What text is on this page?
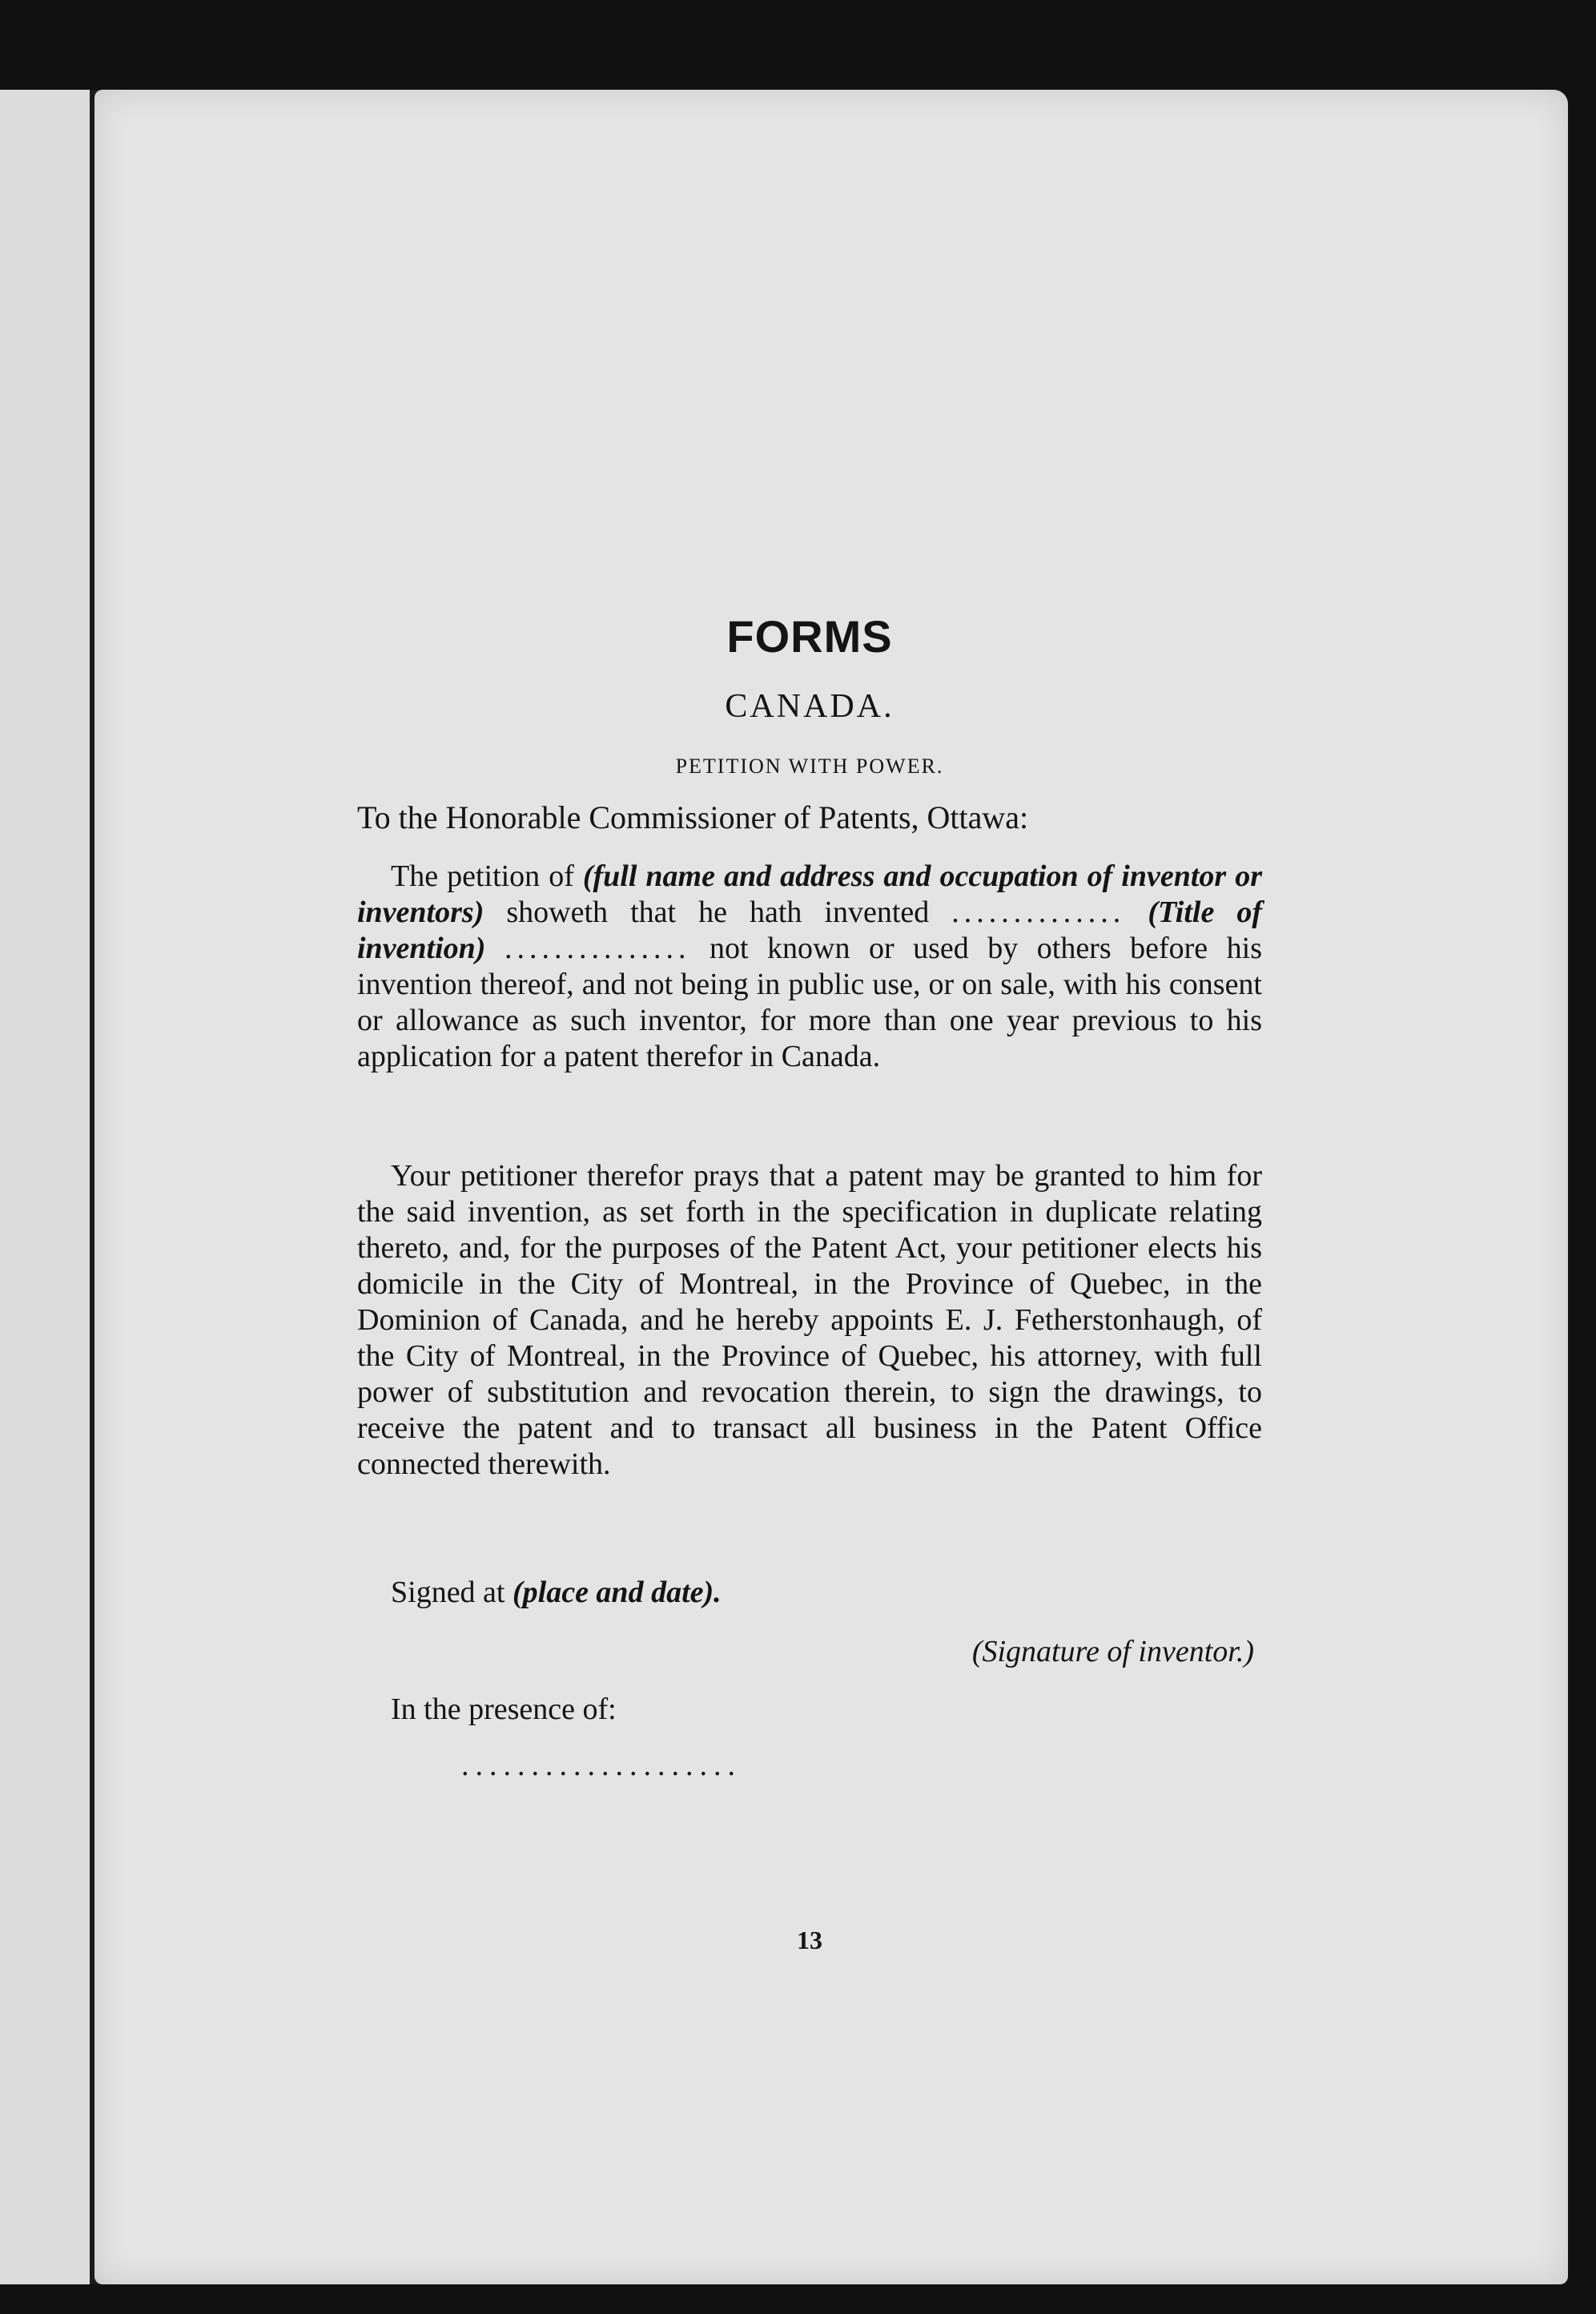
FORMS
CANADA.
PETITION WITH POWER.
To the Honorable Commissioner of Patents, Ottawa:
The petition of (full name and address and occupation of inventor or inventors) showeth that he hath invented .............. (Title of invention) ............... not known or used by others before his invention thereof, and not being in public use, or on sale, with his consent or allowance as such inventor, for more than one year previous to his application for a patent therefor in Canada.
Your petitioner therefor prays that a patent may be granted to him for the said invention, as set forth in the specification in duplicate relating thereto, and, for the purposes of the Patent Act, your petitioner elects his domicile in the City of Montreal, in the Province of Quebec, in the Dominion of Canada, and he hereby appoints E. J. Fetherstonhaugh, of the City of Montreal, in the Province of Quebec, his attorney, with full power of substitution and revocation therein, to sign the drawings, to receive the patent and to transact all business in the Patent Office connected therewith.
Signed at (place and date).
(Signature of inventor.)
In the presence of:
....................
13
